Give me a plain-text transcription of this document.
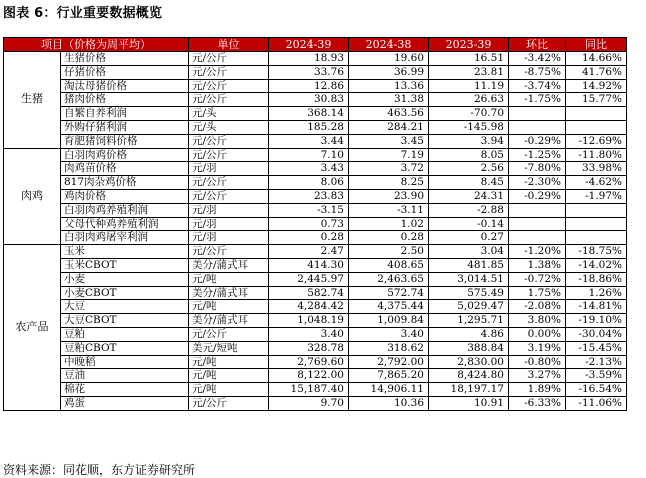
图表 6：行业重要数据概览
项目（价格为周平均）		单位	2024-39	2024-38	2023-39	环比	同比
生猪	生猪价格	元/公斤	18.93	19.60	16.51	-3.42%	14.66%
	仔猪价格	元/公斤	33.76	36.99	23.81	-8.75%	41.76%
	淘汰母猪价格	元/公斤	12.86	13.36	11.19	-3.74%	14.92%
	猪肉价格	元/公斤	30.83	31.38	26.63	-1.75%	15.77%
	自繁自养利润	元/头	368.14	463.56	-70.70		
	外购仔猪利润	元/头	185.28	284.21	-145.98		
	育肥猪饲料价格	元/公斤	3.44	3.45	3.94	-0.29%	-12.69%
肉鸡	白羽肉鸡价格	元/公斤	7.10	7.19	8.05	-1.25%	-11.80%
	肉鸡苗价格	元/羽	3.43	3.72	2.56	-7.80%	33.98%
	817肉杂鸡价格	元/公斤	8.06	8.25	8.45	-2.30%	-4.62%
	鸡肉价格	元/公斤	23.83	23.90	24.31	-0.29%	-1.97%
	白羽肉鸡养殖利润	元/羽	-3.15	-3.11	-2.88		
	父母代种鸡养殖利润	元/羽	0.73	1.02	-0.14		
	白羽肉鸡屠宰利润	元/羽	0.28	0.28	0.27		
农产品	玉米	元/公斤	2.47	2.50	3.04	-1.20%	-18.75%
	玉米CBOT	美分/蒲式耳	414.30	408.65	481.85	1.38%	-14.02%
	小麦	元/吨	2,445.97	2,463.65	3,014.51	-0.72%	-18.86%
	小麦CBOT	美分/蒲式耳	582.74	572.74	575.49	1.75%	1.26%
	大豆	元/吨	4,284.42	4,375.44	5,029.47	-2.08%	-14.81%
	大豆CBOT	美分/蒲式耳	1,048.19	1,009.84	1,295.71	3.80%	-19.10%
	豆粕	元/公斤	3.40	3.40	4.86	0.00%	-30.04%
	豆粕CBOT	美元/短吨	328.78	318.62	388.84	3.19%	-15.45%
	中晚稻	元/吨	2,769.60	2,792.00	2,830.00	-0.80%	-2.13%
	豆油	元/吨	8,122.00	7,865.20	8,424.80	3.27%	-3.59%
	棉花	元/吨	15,187.40	14,906.11	18,197.17	1.89%	-16.54%
	鸡蛋	元/公斤	9.70	10.36	10.91	-6.33%	-11.06%
资料来源：同花顺，东方证券研究所
